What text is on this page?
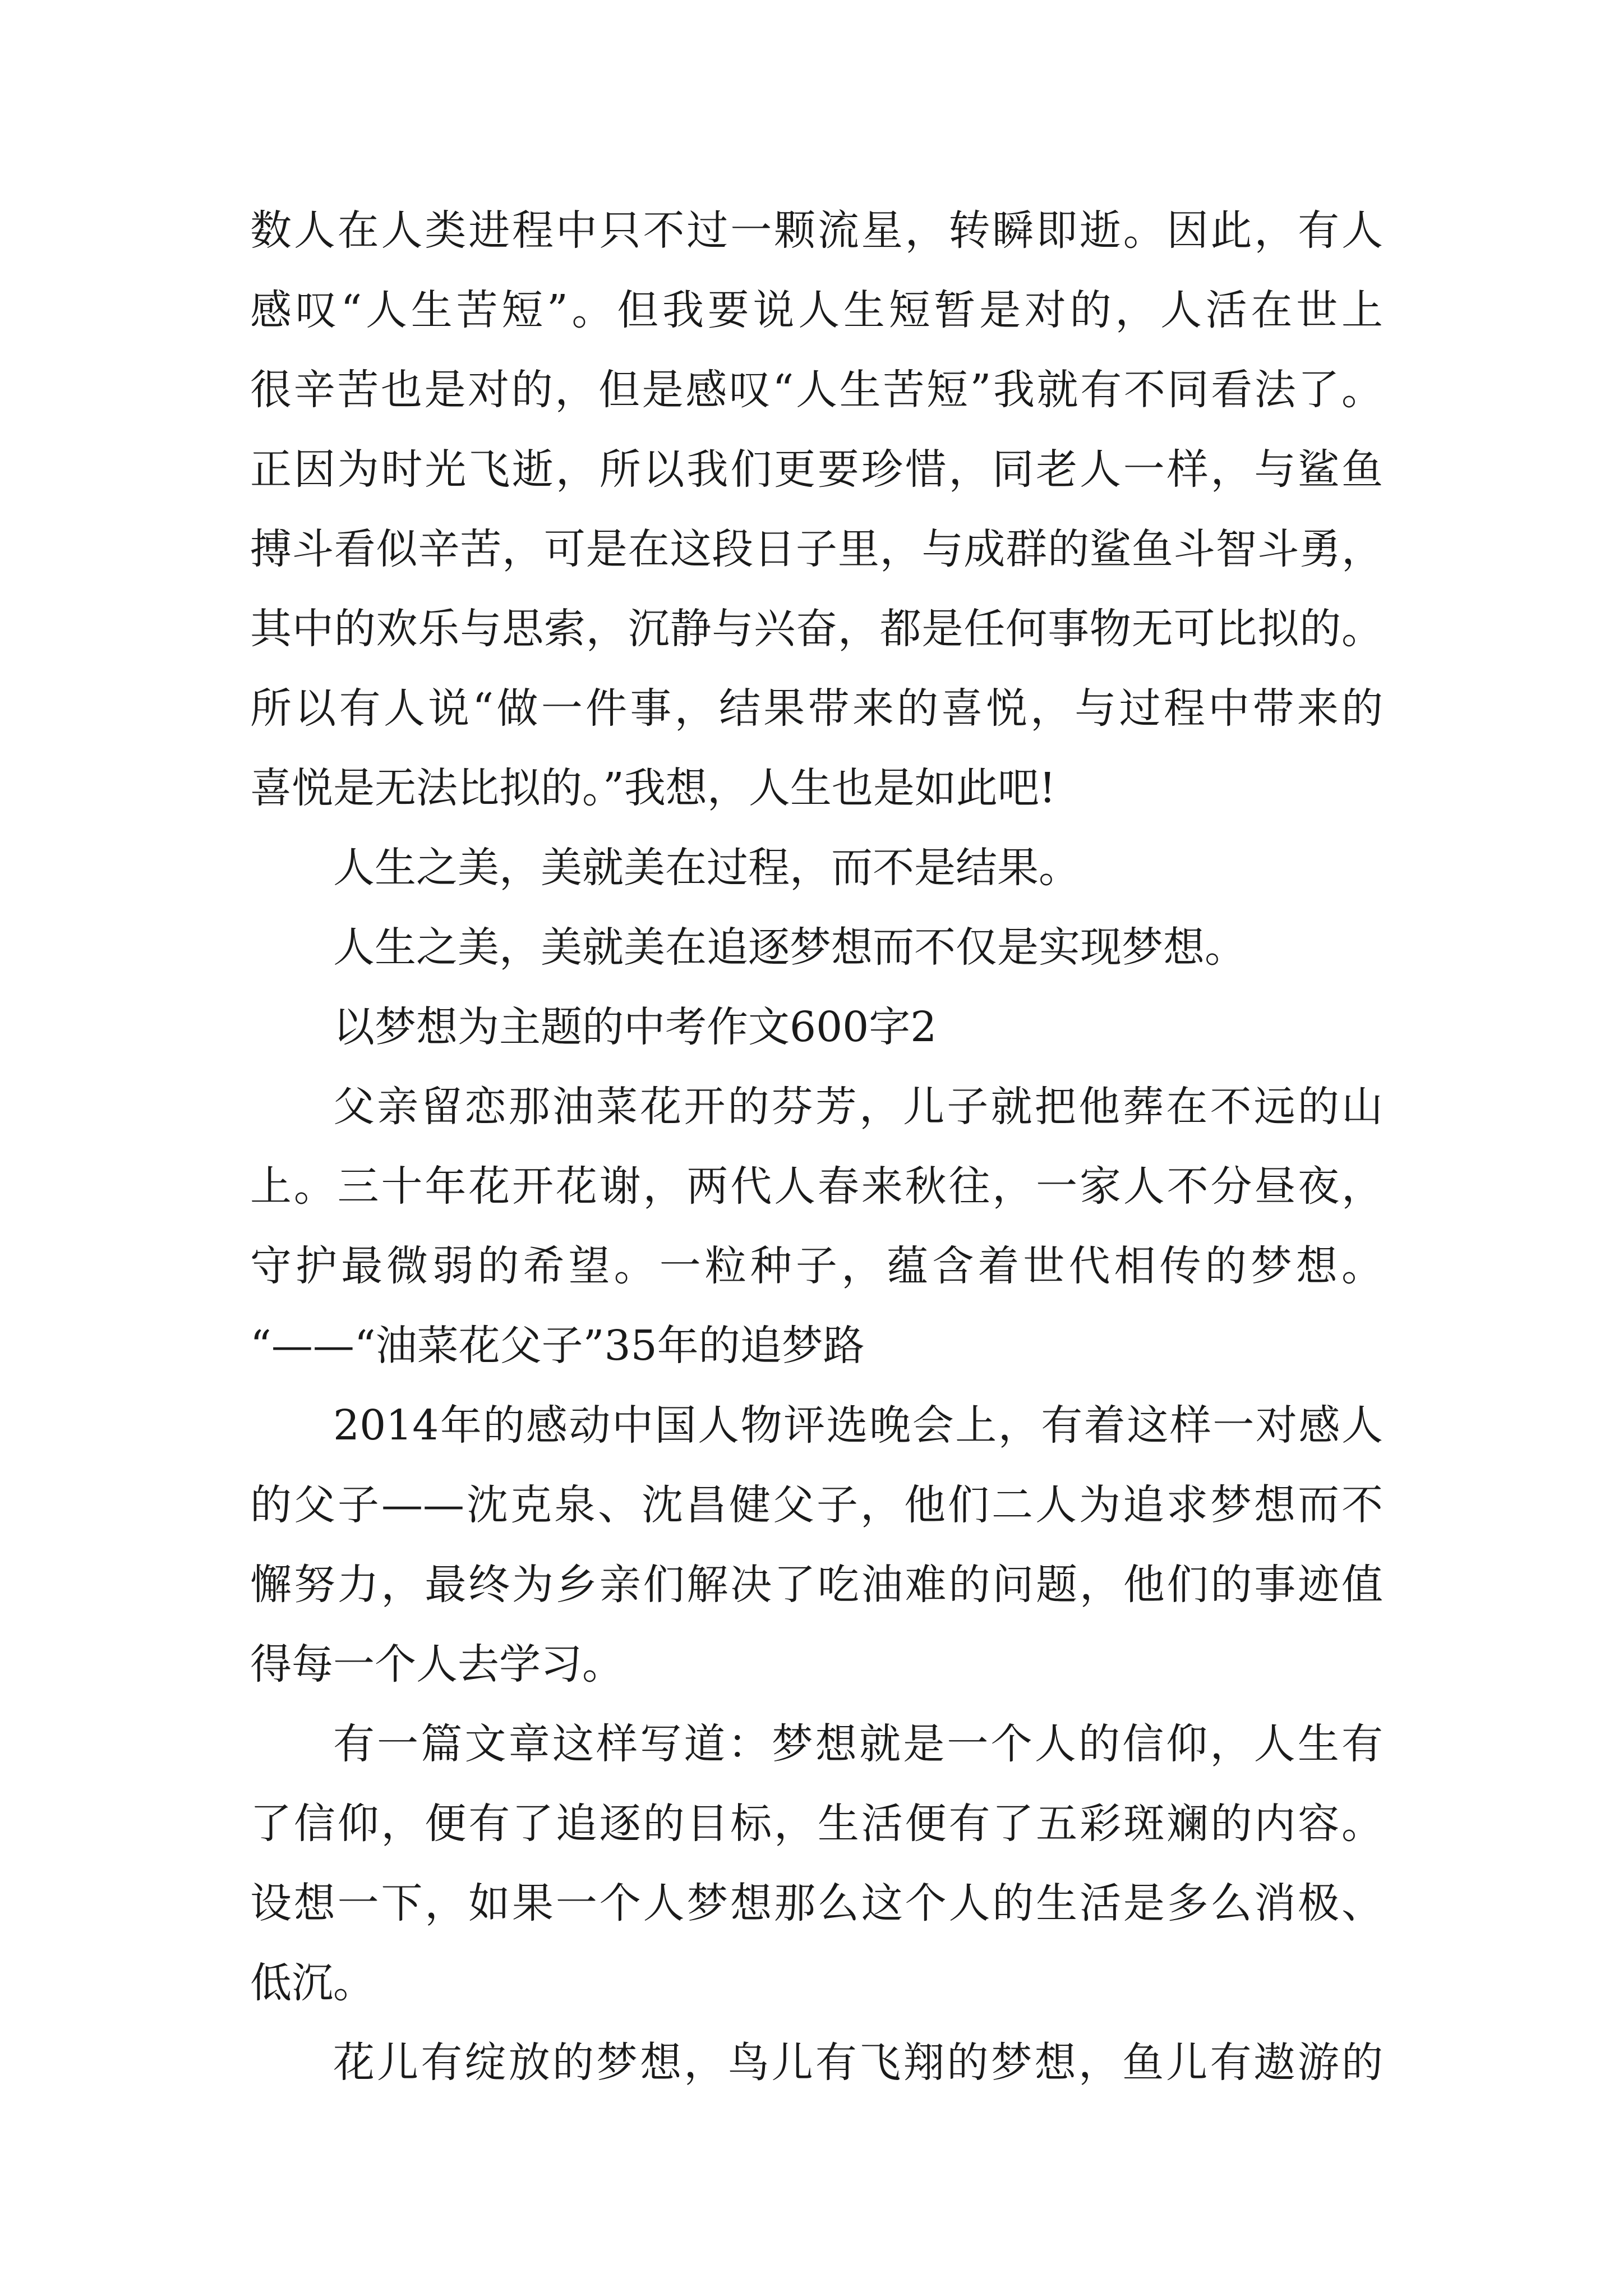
数人在人类进程中只不过一颗流星，转瞬即逝。因此，有人
感叹“人生苦短”。但我要说人生短暂是对的，人活在世上
很辛苦也是对的，但是感叹“人生苦短”我就有不同看法了。
正因为时光飞逝，所以我们更要珍惜，同老人一样，与鲨鱼
搏斗看似辛苦，可是在这段日子里，与成群的鲨鱼斗智斗勇，
其中的欢乐与思索，沉静与兴奋，都是任何事物无可比拟的。
所以有人说“做一件事，结果带来的喜悦，与过程中带来的
喜悦是无法比拟的。”我想，人生也是如此吧!

人生之美，美就美在过程，而不是结果。

人生之美，美就美在追逐梦想而不仅是实现梦想。

以梦想为主题的中考作文600字2

父亲留恋那油菜花开的芬芳，儿子就把他葬在不远的山
上。三十年花开花谢，两代人春来秋往，一家人不分昼夜，
守护最微弱的希望。一粒种子，蕴含着世代相传的梦想。
“——“油菜花父子”35年的追梦路

2014年的感动中国人物评选晚会上，有着这样一对感人
的父子——沈克泉、沈昌健父子，他们二人为追求梦想而不
懈努力，最终为乡亲们解决了吃油难的问题，他们的事迹值
得每一个人去学习。

有一篇文章这样写道：梦想就是一个人的信仰，人生有
了信仰，便有了追逐的目标，生活便有了五彩斑斓的内容。
设想一下，如果一个人梦想那么这个人的生活是多么消极、
低沉。

花儿有绽放的梦想，鸟儿有飞翔的梦想，鱼儿有遨游的
